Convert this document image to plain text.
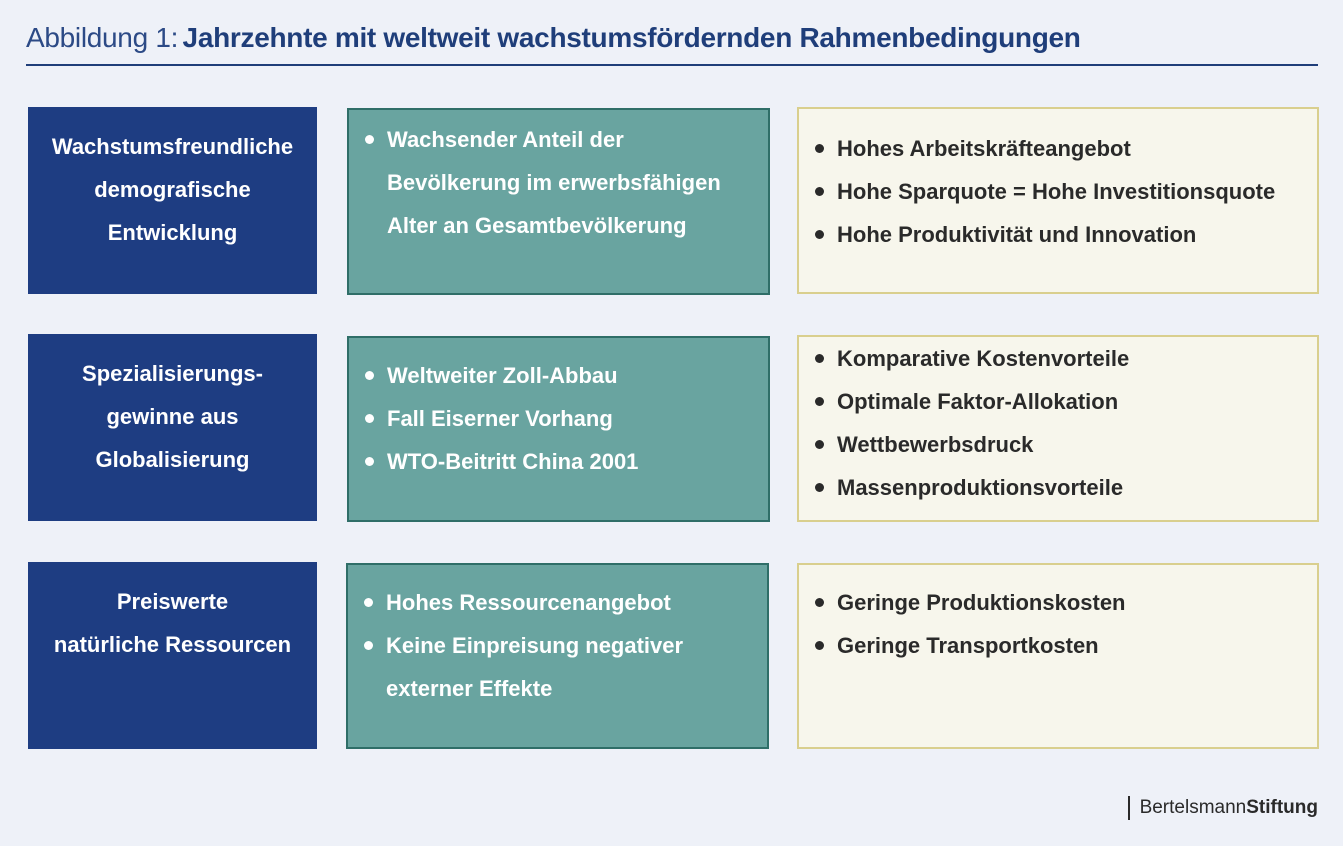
Abbildung 1: Jahrzehnte mit weltweit wachstumsfördernden Rahmenbedingungen
Wachstumsfreundliche
demografische
Entwicklung
Wachsender Anteil der Bevölkerung im erwerbsfähigen Alter an Gesamtbevölkerung
Hohes Arbeitskräfteangebot
Hohe Sparquote = Hohe Investitionsquote
Hohe Produktivität und Innovation
Spezialisierungs-
gewinne aus
Globalisierung
Weltweiter Zoll-Abbau
Fall Eiserner Vorhang
WTO-Beitritt China 2001
Komparative Kostenvorteile
Optimale Faktor-Allokation
Wettbewerbsdruck
Massenproduktionsvorteile
Preiswerte
natürliche Ressourcen
Hohes Ressourcenangebot
Keine Einpreisung negativer externer Effekte
Geringe Produktionskosten
Geringe Transportkosten
BertelsmannStiftung
